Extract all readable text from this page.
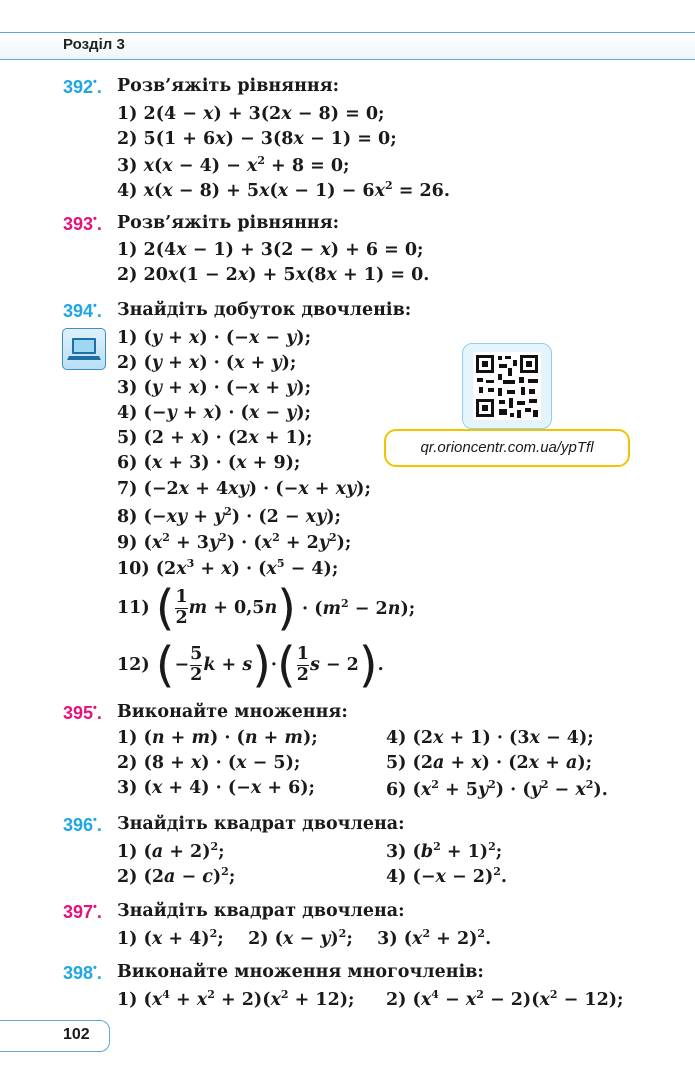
Розділ 3
392•. Розв’яжіть рівняння:
1) 2(4 − x) + 3(2x − 8) = 0;
2) 5(1 + 6x) − 3(8x − 1) = 0;
3) $x(x - 4) - x^2 + 8 = 0$;
4) $x(x - 8) + 5x(x - 1) - 6x^2 = 26$.
393•. Розв’яжіть рівняння:
1) 2(4x − 1) + 3(2 − x) + 6 = 0;
2) 20x(1 − 2x) + 5x(8x + 1) = 0.
394•. Знайдіть добуток двочленів:
1) (y + x) · (−x − y);
2) (y + x) · (x + y);
3) (y + x) · (−x + y);
4) (−y + x) · (x − y);
5) (2 + x) · (2x + 1);
6) (x + 3) · (x + 9);
7) (−2x + 4xy) · (−x + xy);
8) $(-xy + y^2) \cdot (2 - xy)$;
9) $(x^2 + 3y^2) \cdot (x^2 + 2y^2)$;
10) $(2x^3 + x) \cdot (x^5 - 4)$;
11) ( $\frac{1}{2}$ $m + 0,5n) \cdot (m^2 - 2n)$;
12) (− $\frac{5}{2}$ $k + s)\cdot( \frac{1}{2}$ s − 2).
qr.orioncentr.com.ua/ypTfl
395•. Виконайте множення:
1) (n + m) · (n + m);
2) (8 + x) · (x − 5);
3) (x + 4) · (−x + 6);
4) (2x + 1) · (3x − 4);
5) (2a + x) · (2x + a);
6) $(x^2 + 5y^2) \cdot (y^2 - x^2)$.
396•. Знайдіть квадрат двочлена:
1) $(a + 2)^2$;
2) $(2a - c)^2$;
3) $(b^2 + 1)^2$;
4) $(-x - 2)^2$.
397•. Знайдіть квадрат двочлена:
1) $(x + 4)^2$;    2) $(x - y)^2$;    3) $(x^2 + 2)^2$.
398•. Виконайте множення многочленів:
1) $(x^4 + x^2 + 2)(x^2 + 12)$; 2) $(x^4 - x^2 - 2)(x^2 - 12)$;
102
